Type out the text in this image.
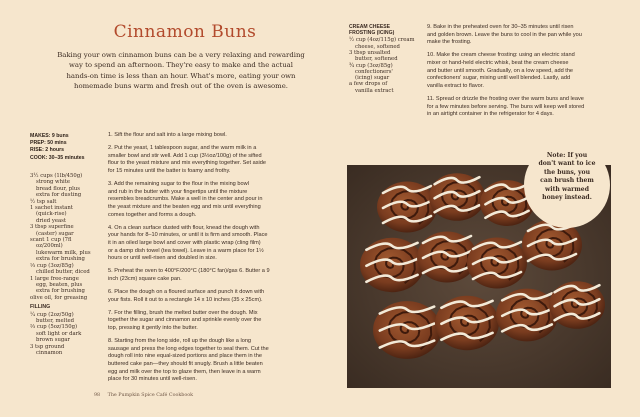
Cinnamon Buns
Baking your own cinnamon buns can be a very relaxing and rewarding
way to spend an afternoon. They're easy to make and the actual
hands-on time is less than an hour. What's more, eating your own
homemade buns warm and fresh out of the oven is awesome.
MAKES: 9 buns
PREP: 50 mins
RISE: 2 hours
COOK: 30–35 minutes
3½ cups (1lb/450g)
strong white
bread flour, plus
extra for dusting
½ tsp salt
1 sachet instant
(quick-rise)
dried yeast
3 tbsp superfine
(caster) sugar
scant 1 cup (7fl
oz/200ml)
lukewarm milk, plus
extra for brushing
⅓ cup (3oz/85g)
chilled butter, diced
1 large free-range
egg, beaten, plus
extra for brushing
olive oil, for greasing
FILLING
¼ cup (2oz/50g)
butter, melted
⅔ cup (5oz/150g)
soft light or dark
brown sugar
3 tsp ground
cinnamon
1. Sift the flour and salt into a large mixing bowl.
2. Put the yeast, 1 tablespoon sugar, and the warm milk in a
smaller bowl and stir well. Add 1 cup (3½oz/100g) of the sifted
flour to the yeast mixture and mix everything together. Set aside
for 15 minutes until the batter is foamy and frothy.
3. Add the remaining sugar to the flour in the mixing bowl
and rub in the butter with your fingertips until the mixture
resembles breadcrumbs. Make a well in the center and pour in
the yeast mixture and the beaten egg and mix until everything
comes together and forms a dough.
4. On a clean surface dusted with flour, knead the dough with
your hands for 8–10 minutes, or until it is firm and smooth. Place
it in an oiled large bowl and cover with plastic wrap (cling film)
or a damp dish towel (tea towel). Leave in a warm place for 1½
hours or until well-risen and doubled in size.
5. Preheat the oven to 400°F/200°C (180°C fan)/gas 6. Butter a 9
inch (23cm) square cake pan.
6. Place the dough on a floured surface and punch it down with
your fists. Roll it out to a rectangle 14 x 10 inches (35 x 25cm).
7. For the filling, brush the melted butter over the dough. Mix
together the sugar and cinnamon and sprinkle evenly over the
top, pressing it gently into the butter.
8. Starting from the long side, roll up the dough like a long
sausage and press the long edges together to seal them. Cut the
dough roll into nine equal-sized portions and place them in the
buttered cake pan—they should fit snugly. Brush a little beaten
egg and milk over the top to glaze them, then leave in a warm
place for 30 minutes until well-risen.
CREAM CHEESE
FROSTING (ICING)
½ cup (4oz/115g) cream
cheese, softened
3 tbsp unsalted
butter, softened
¾ cup (3oz/85g)
confectioners'
(icing) sugar
a few drops of
vanilla extract
9. Bake in the preheated oven for 30–35 minutes until risen
and golden brown. Leave the buns to cool in the pan while you
make the frosting.
10. Make the cream cheese frosting: using an electric stand
mixer or hand-held electric whisk, beat the cream cheese
and butter until smooth. Gradually, on a low speed, add the
confectioners' sugar, mixing until well blended. Lastly, add
vanilla extract to flavor.
11. Spread or drizzle the frosting over the warm buns and leave
for a few minutes before serving. The buns will keep well stored
in an airtight container in the refrigerator for 4 days.
Note: If you
don't want to ice
the buns, you
can brush them
with warmed
honey instead.
98 The Pumpkin Spice Café Cookbook
